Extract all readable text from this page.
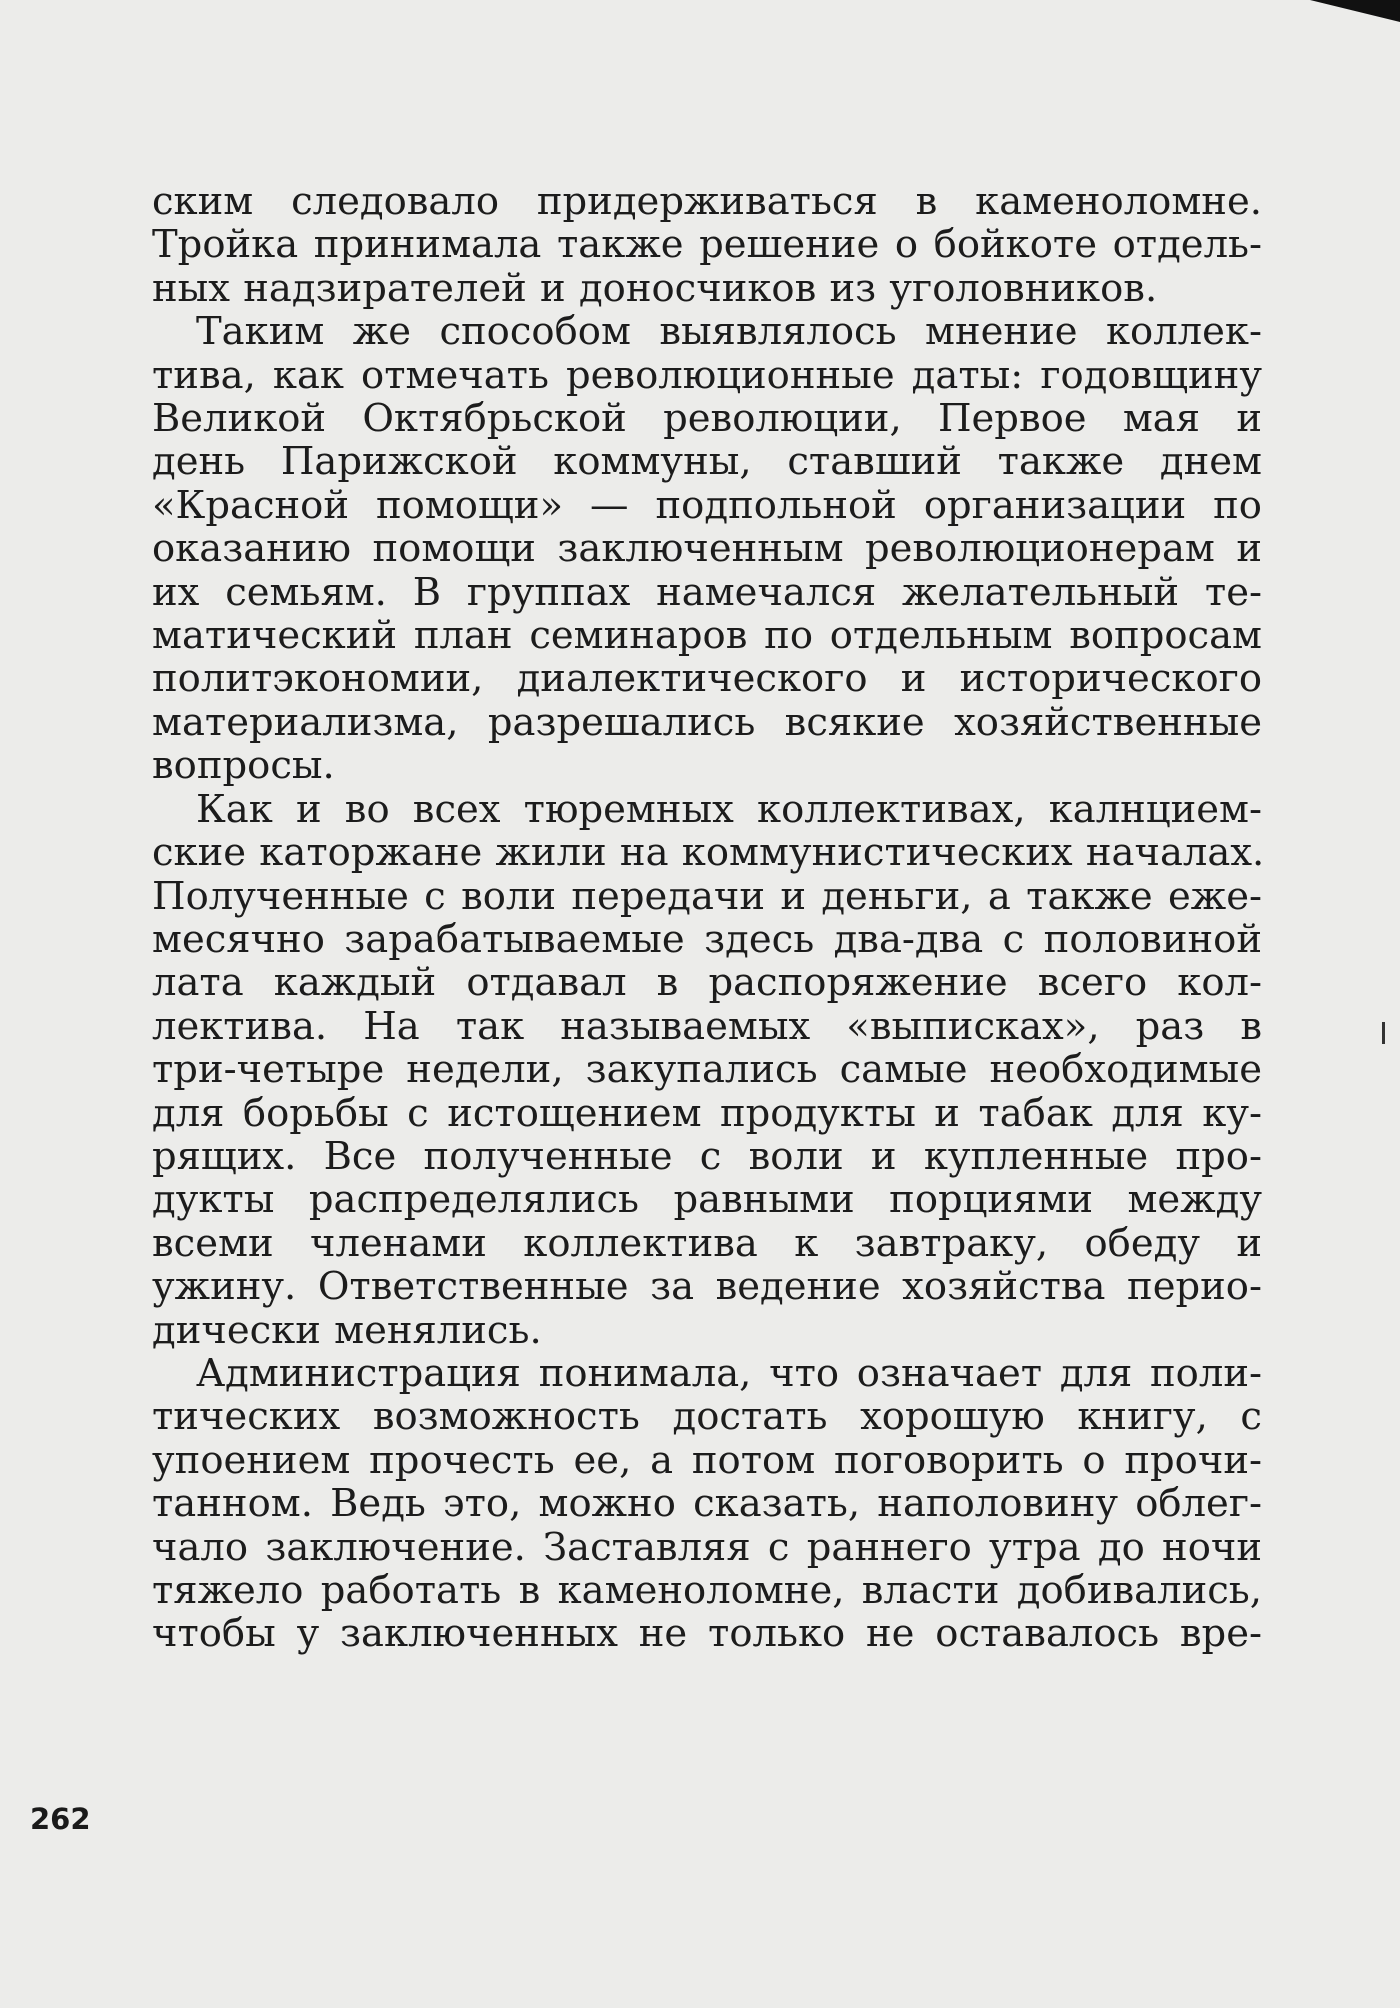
ским следовало придерживаться в каменоломне.
Тройка принимала также решение о бойкоте отдель-
ных надзирателей и доносчиков из уголовников.
Таким же способом выявлялось мнение коллек-
тива, как отмечать революционные даты: годовщину
Великой Октябрьской революции, Первое мая и
день Парижской коммуны, ставший также днем
«Красной помощи» — подпольной организации по
оказанию помощи заключенным революционерам и
их семьям. В группах намечался желательный те-
матический план семинаров по отдельным вопросам
политэкономии, диалектического и исторического
материализма, разрешались всякие хозяйственные
вопросы.
Как и во всех тюремных коллективах, калнцием-
ские каторжане жили на коммунистических началах.
Полученные с воли передачи и деньги, а также еже-
месячно зарабатываемые здесь два-два с половиной
лата каждый отдавал в распоряжение всего кол-
лектива. На так называемых «выписках», раз в
три-четыре недели, закупались самые необходимые
для борьбы с истощением продукты и табак для ку-
рящих. Все полученные с воли и купленные про-
дукты распределялись равными порциями между
всеми членами коллектива к завтраку, обеду и
ужину. Ответственные за ведение хозяйства перио-
дически менялись.
Администрация понимала, что означает для поли-
тических возможность достать хорошую книгу, с
упоением прочесть ее, а потом поговорить о прочи-
танном. Ведь это, можно сказать, наполовину облег-
чало заключение. Заставляя с раннего утра до ночи
тяжело работать в каменоломне, власти добивались,
чтобы у заключенных не только не оставалось вре-
262
